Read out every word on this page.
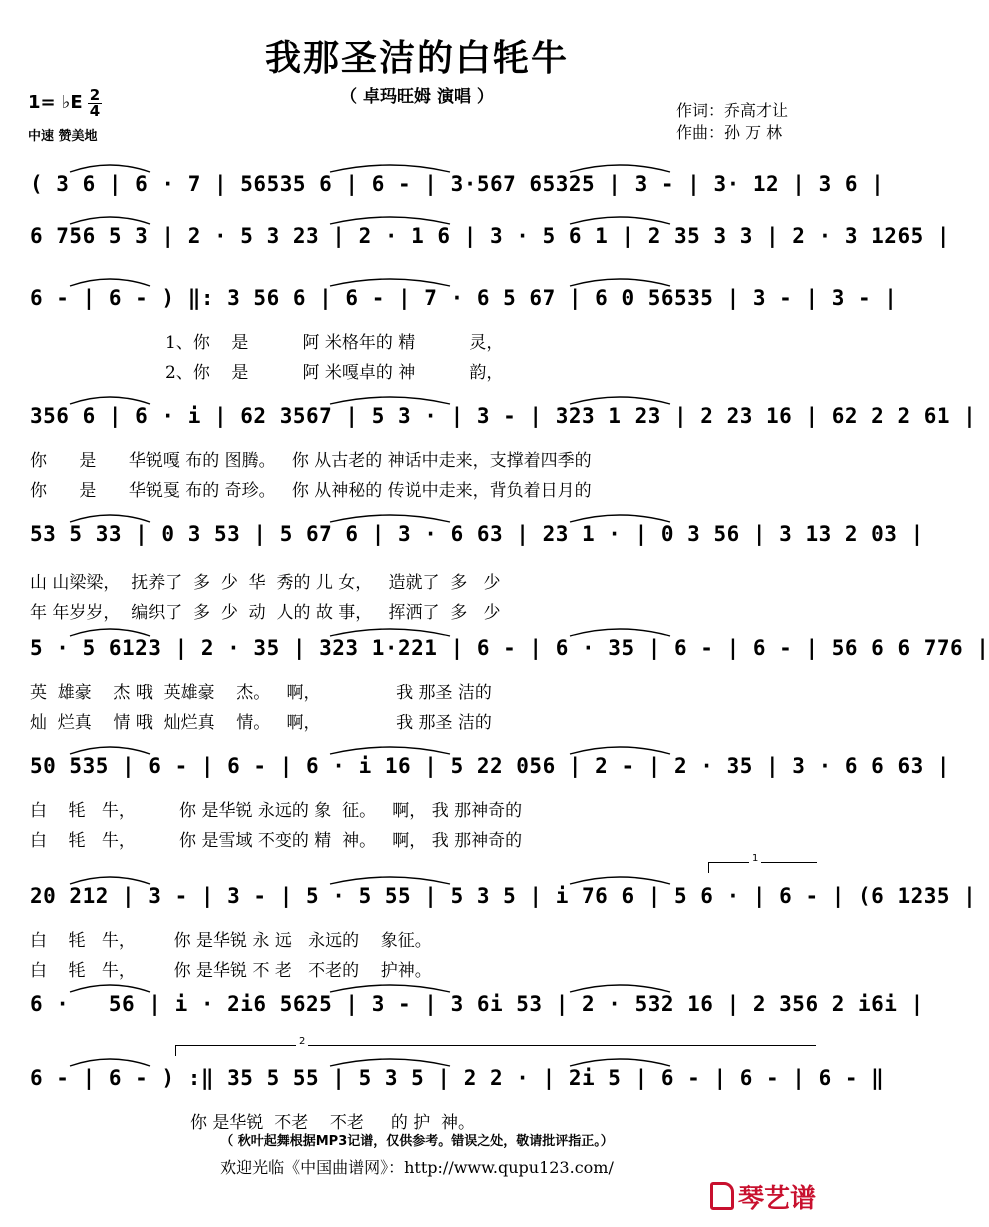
我那圣洁的白牦牛
（ 卓玛旺姆 演唱 ）
1= ♭E 2
4
中速 赞美地
作词：乔高才让
作曲：孙 万 林
( 3 6 | 6 · 7 | 56535 6 | 6 - | 3·567 65325 | 3 - | 3· 12 | 3 6 |
6 756 5 3 | 2 · 5 3 23 | 2 · 1 6 | 3 · 5 6 1 | 2 35 3 3 | 2 · 3 1265 |
6 - | 6 - ) ‖: 3 56 6 | 6 - | 7 · 6 5 67 | 6 0 56535 | 3 - | 3 - |
1、你    是          阿 米格年的 精          灵，
2、你    是          阿 米嘎卓的 神          韵，
356 6 | 6 · i | 62 3567 | 5 3 · | 3 - | 323 1 23 | 2 23 16 | 62 2 2 61 |
你      是      华锐嘎 布的 图腾。   你 从古老的 神话中走来，支撑着四季的
你      是      华锐戛 布的 奇珍。   你 从神秘的 传说中走来，背负着日月的
53 5 33 | 0 3 53 | 5 67 6 | 3 · 6 63 | 23 1 · | 0 3 56 | 3 13 2 03 |
山 山梁梁，  抚养了  多  少  华  秀的 儿 女，   造就了  多   少
年 年岁岁，  编织了  多  少  动  人的 故 事，   挥洒了  多   少
5 · 5 6123 | 2 · 35 | 323 1·221 | 6 - | 6 · 35 | 6 - | 6 - | 56 6 6 776 |
英  雄豪    杰 哦  英雄豪    杰。   啊，              我 那圣 洁的
灿  烂真    情 哦  灿烂真    情。   啊，              我 那圣 洁的
50 535 | 6 - | 6 - | 6 · i 16 | 5 22 056 | 2 - | 2 · 35 | 3 · 6 6 63 |
白    牦   牛，        你 是华锐 永远的 象  征。   啊， 我 那神奇的
白    牦   牛，        你 是雪域 不变的 精  神。   啊， 我 那神奇的
20 212 | 3 - | 3 - | 5 · 5 55 | 5 3 5 | i 76 6 | 5 6 · | 6 - | (6 1235 |
白    牦   牛，       你 是华锐 永 远   永远的    象征。
白    牦   牛，       你 是华锐 不 老   不老的    护神。
6 ·   56 | i · 2i6 5625 | 3 - | 3 6i 53 | 2 · 532 16 | 2 356 2 i6i |
6 - | 6 - ) :‖ 35 5 55 | 5 3 5 | 2 2 · | 2i 5 | 6 - | 6 - | 6 - ‖
你 是华锐  不老    不老     的 护  神。
1
2
（ 秋叶起舞根据MP3记谱，仅供参考。错误之处，敬请批评指正。）
欢迎光临《中国曲谱网》：http://www.qupu123.com/
琴艺谱
